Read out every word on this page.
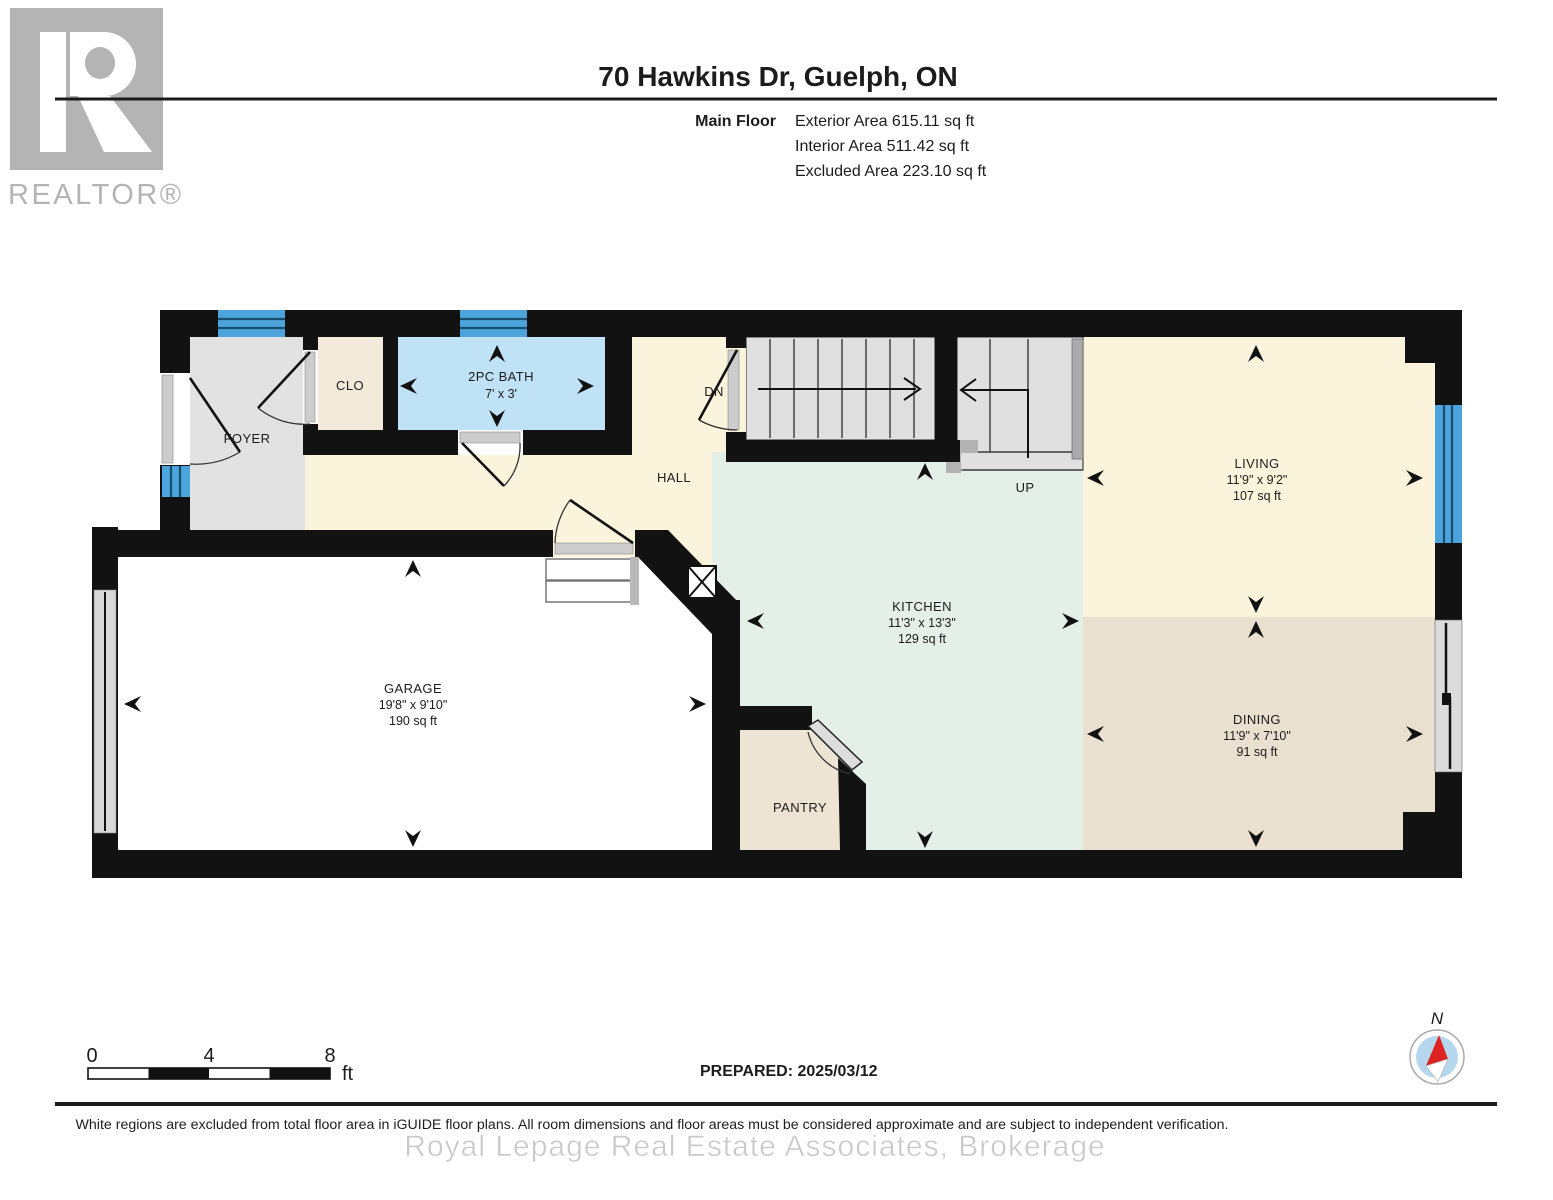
REALTOR®
70 Hawkins Dr, Guelph, ON
Main Floor Exterior Area 615.11 sq ft
Interior Area 511.42 sq ft
Excluded Area 223.10 sq ft
FOYER
CLO
2PC BATH
7' x 3'
HALL
DN
UP
LIVING
11'9" x 9'2"
107 sq ft
KITCHEN
11'3" x 13'3"
129 sq ft
DINING
11'9" x 7'10"
91 sq ft
GARAGE
19'8" x 9'10"
190 sq ft
PANTRY
0	4	8
ft	PREPARED: 2025/03/12
N
White regions are excluded from total floor area in iGUIDE floor plans. All room dimensions and floor areas must be considered approximate and are subject to independent verification.
Royal Lepage Real Estate Associates, Brokerage
